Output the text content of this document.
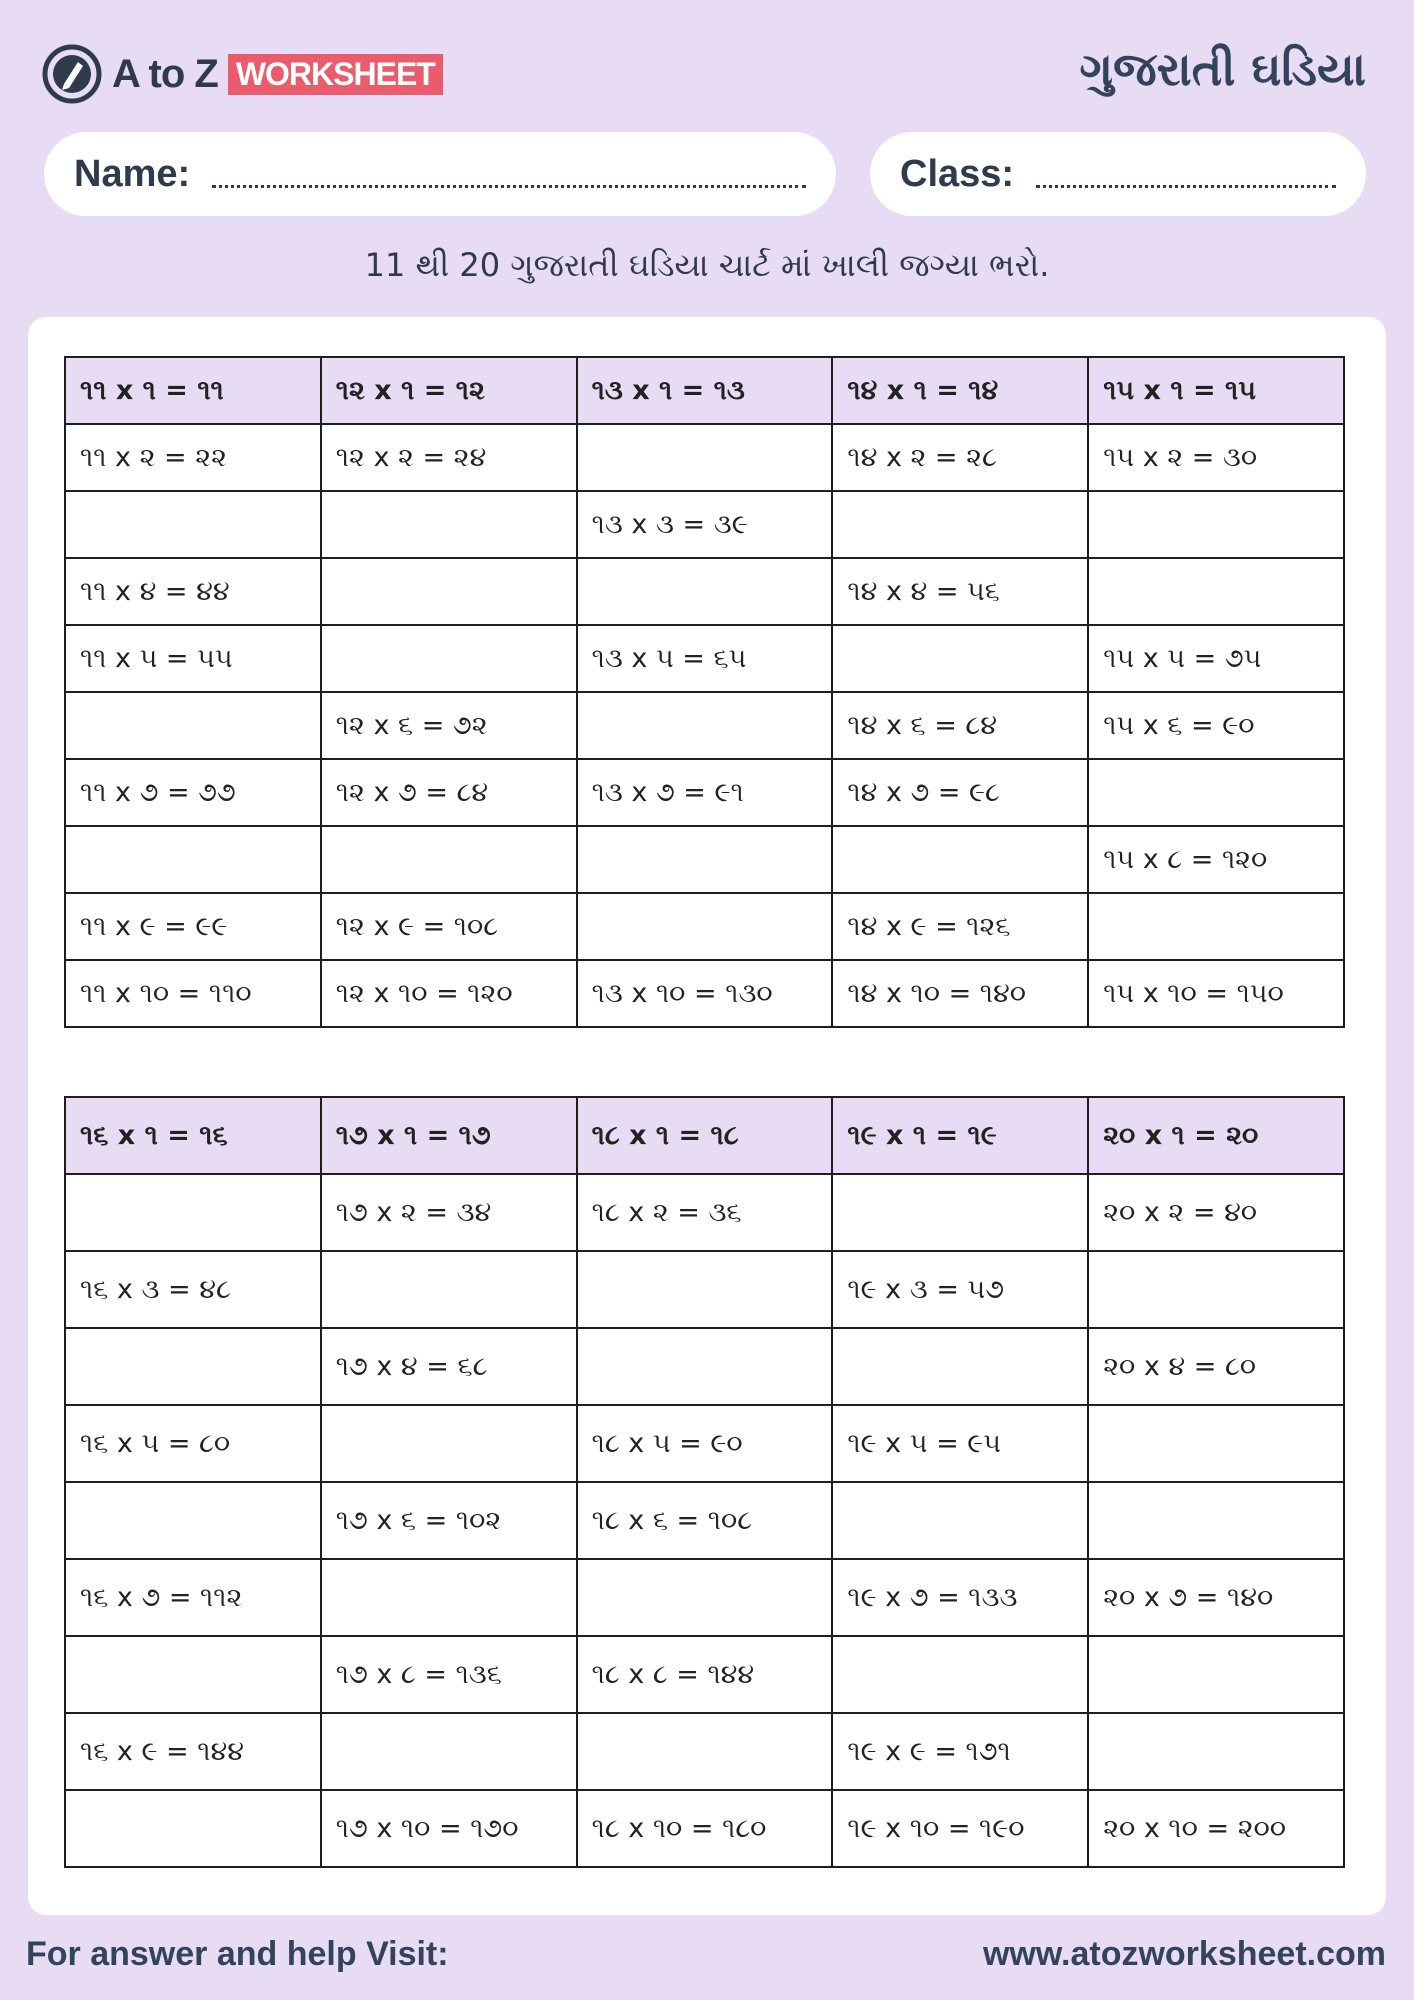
A to Z WORKSHEET	ગુજરાતી ઘડિયા
Name:	Class:
11 થી 20 ગુજરાતી ઘડિયા ચાર્ટ માં ખાલી જગ્યા ભરો.
૧૧ x ૧ = ૧૧	૧૨ x ૧ = ૧૨	૧૩ x ૧ = ૧૩	૧૪ x ૧ = ૧૪	૧૫ x ૧ = ૧૫
૧૧ x ૨ = ૨૨	૧૨ x ૨ = ૨૪		૧૪ x ૨ = ૨૮	૧૫ x ૨ = ૩૦
		૧૩ x ૩ = ૩૯		
૧૧ x ૪ = ૪૪			૧૪ x ૪ = ૫૬	
૧૧ x ૫ = ૫૫		૧૩ x ૫ = ૬૫		૧૫ x ૫ = ૭૫
	૧૨ x ૬ = ૭૨		૧૪ x ૬ = ૮૪	૧૫ x ૬ = ૯૦
૧૧ x ૭ = ૭૭	૧૨ x ૭ = ૮૪	૧૩ x ૭ = ૯૧	૧૪ x ૭ = ૯૮	
				૧૫ x ૮ = ૧૨૦
૧૧ x ૯ = ૯૯	૧૨ x ૯ = ૧૦૮		૧૪ x ૯ = ૧૨૬	
૧૧ x ૧૦ = ૧૧૦	૧૨ x ૧૦ = ૧૨૦	૧૩ x ૧૦ = ૧૩૦	૧૪ x ૧૦ = ૧૪૦	૧૫ x ૧૦ = ૧૫૦
૧૬ x ૧ = ૧૬	૧૭ x ૧ = ૧૭	૧૮ x ૧ = ૧૮	૧૯ x ૧ = ૧૯	૨૦ x ૧ = ૨૦
	૧૭ x ૨ = ૩૪	૧૮ x ૨ = ૩૬		૨૦ x ૨ = ૪૦
૧૬ x ૩ = ૪૮			૧૯ x ૩ = ૫૭	
	૧૭ x ૪ = ૬૮			૨૦ x ૪ = ૮૦
૧૬ x ૫ = ૮૦		૧૮ x ૫ = ૯૦	૧૯ x ૫ = ૯૫	
	૧૭ x ૬ = ૧૦૨	૧૮ x ૬ = ૧૦૮		
૧૬ x ૭ = ૧૧૨			૧૯ x ૭ = ૧૩૩	૨૦ x ૭ = ૧૪૦
	૧૭ x ૮ = ૧૩૬	૧૮ x ૮ = ૧૪૪		
૧૬ x ૯ = ૧૪૪			૧૯ x ૯ = ૧૭૧	
	૧૭ x ૧૦ = ૧૭૦	૧૮ x ૧૦ = ૧૮૦	૧૯ x ૧૦ = ૧૯૦	૨૦ x ૧૦ = ૨૦૦
For answer and help Visit:	www.atozworksheet.com
